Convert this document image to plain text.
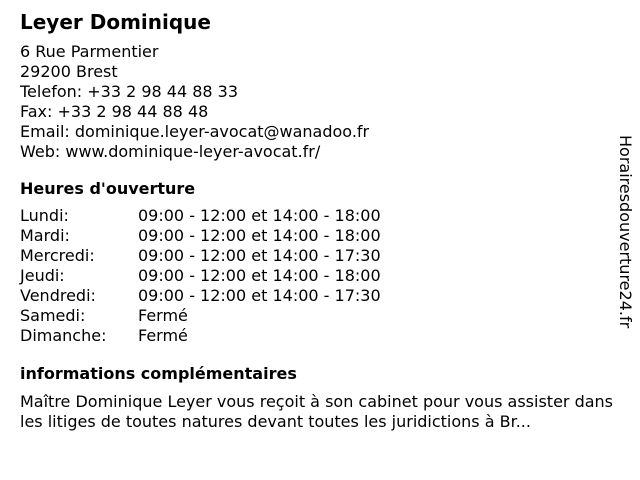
Leyer Dominique
6 Rue Parmentier
29200 Brest
Telefon: +33 2 98 44 88 33
Fax: +33 2 98 44 88 48
Email: dominique.leyer-avocat@wanadoo.fr
Web: www.dominique-leyer-avocat.fr/
Heures d'ouverture
Lundi:	09:00 - 12:00 et 14:00 - 18:00
Mardi:	09:00 - 12:00 et 14:00 - 18:00
Mercredi:	09:00 - 12:00 et 14:00 - 17:30
Jeudi:	09:00 - 12:00 et 14:00 - 18:00
Vendredi:	09:00 - 12:00 et 14:00 - 17:30
Samedi:	Fermé
Dimanche:	Fermé
informations complémentaires
Maître Dominique Leyer vous reçoit à son cabinet pour vous assister dans les litiges de toutes natures devant toutes les juridictions à Br...
Horairesdouverture24.fr
